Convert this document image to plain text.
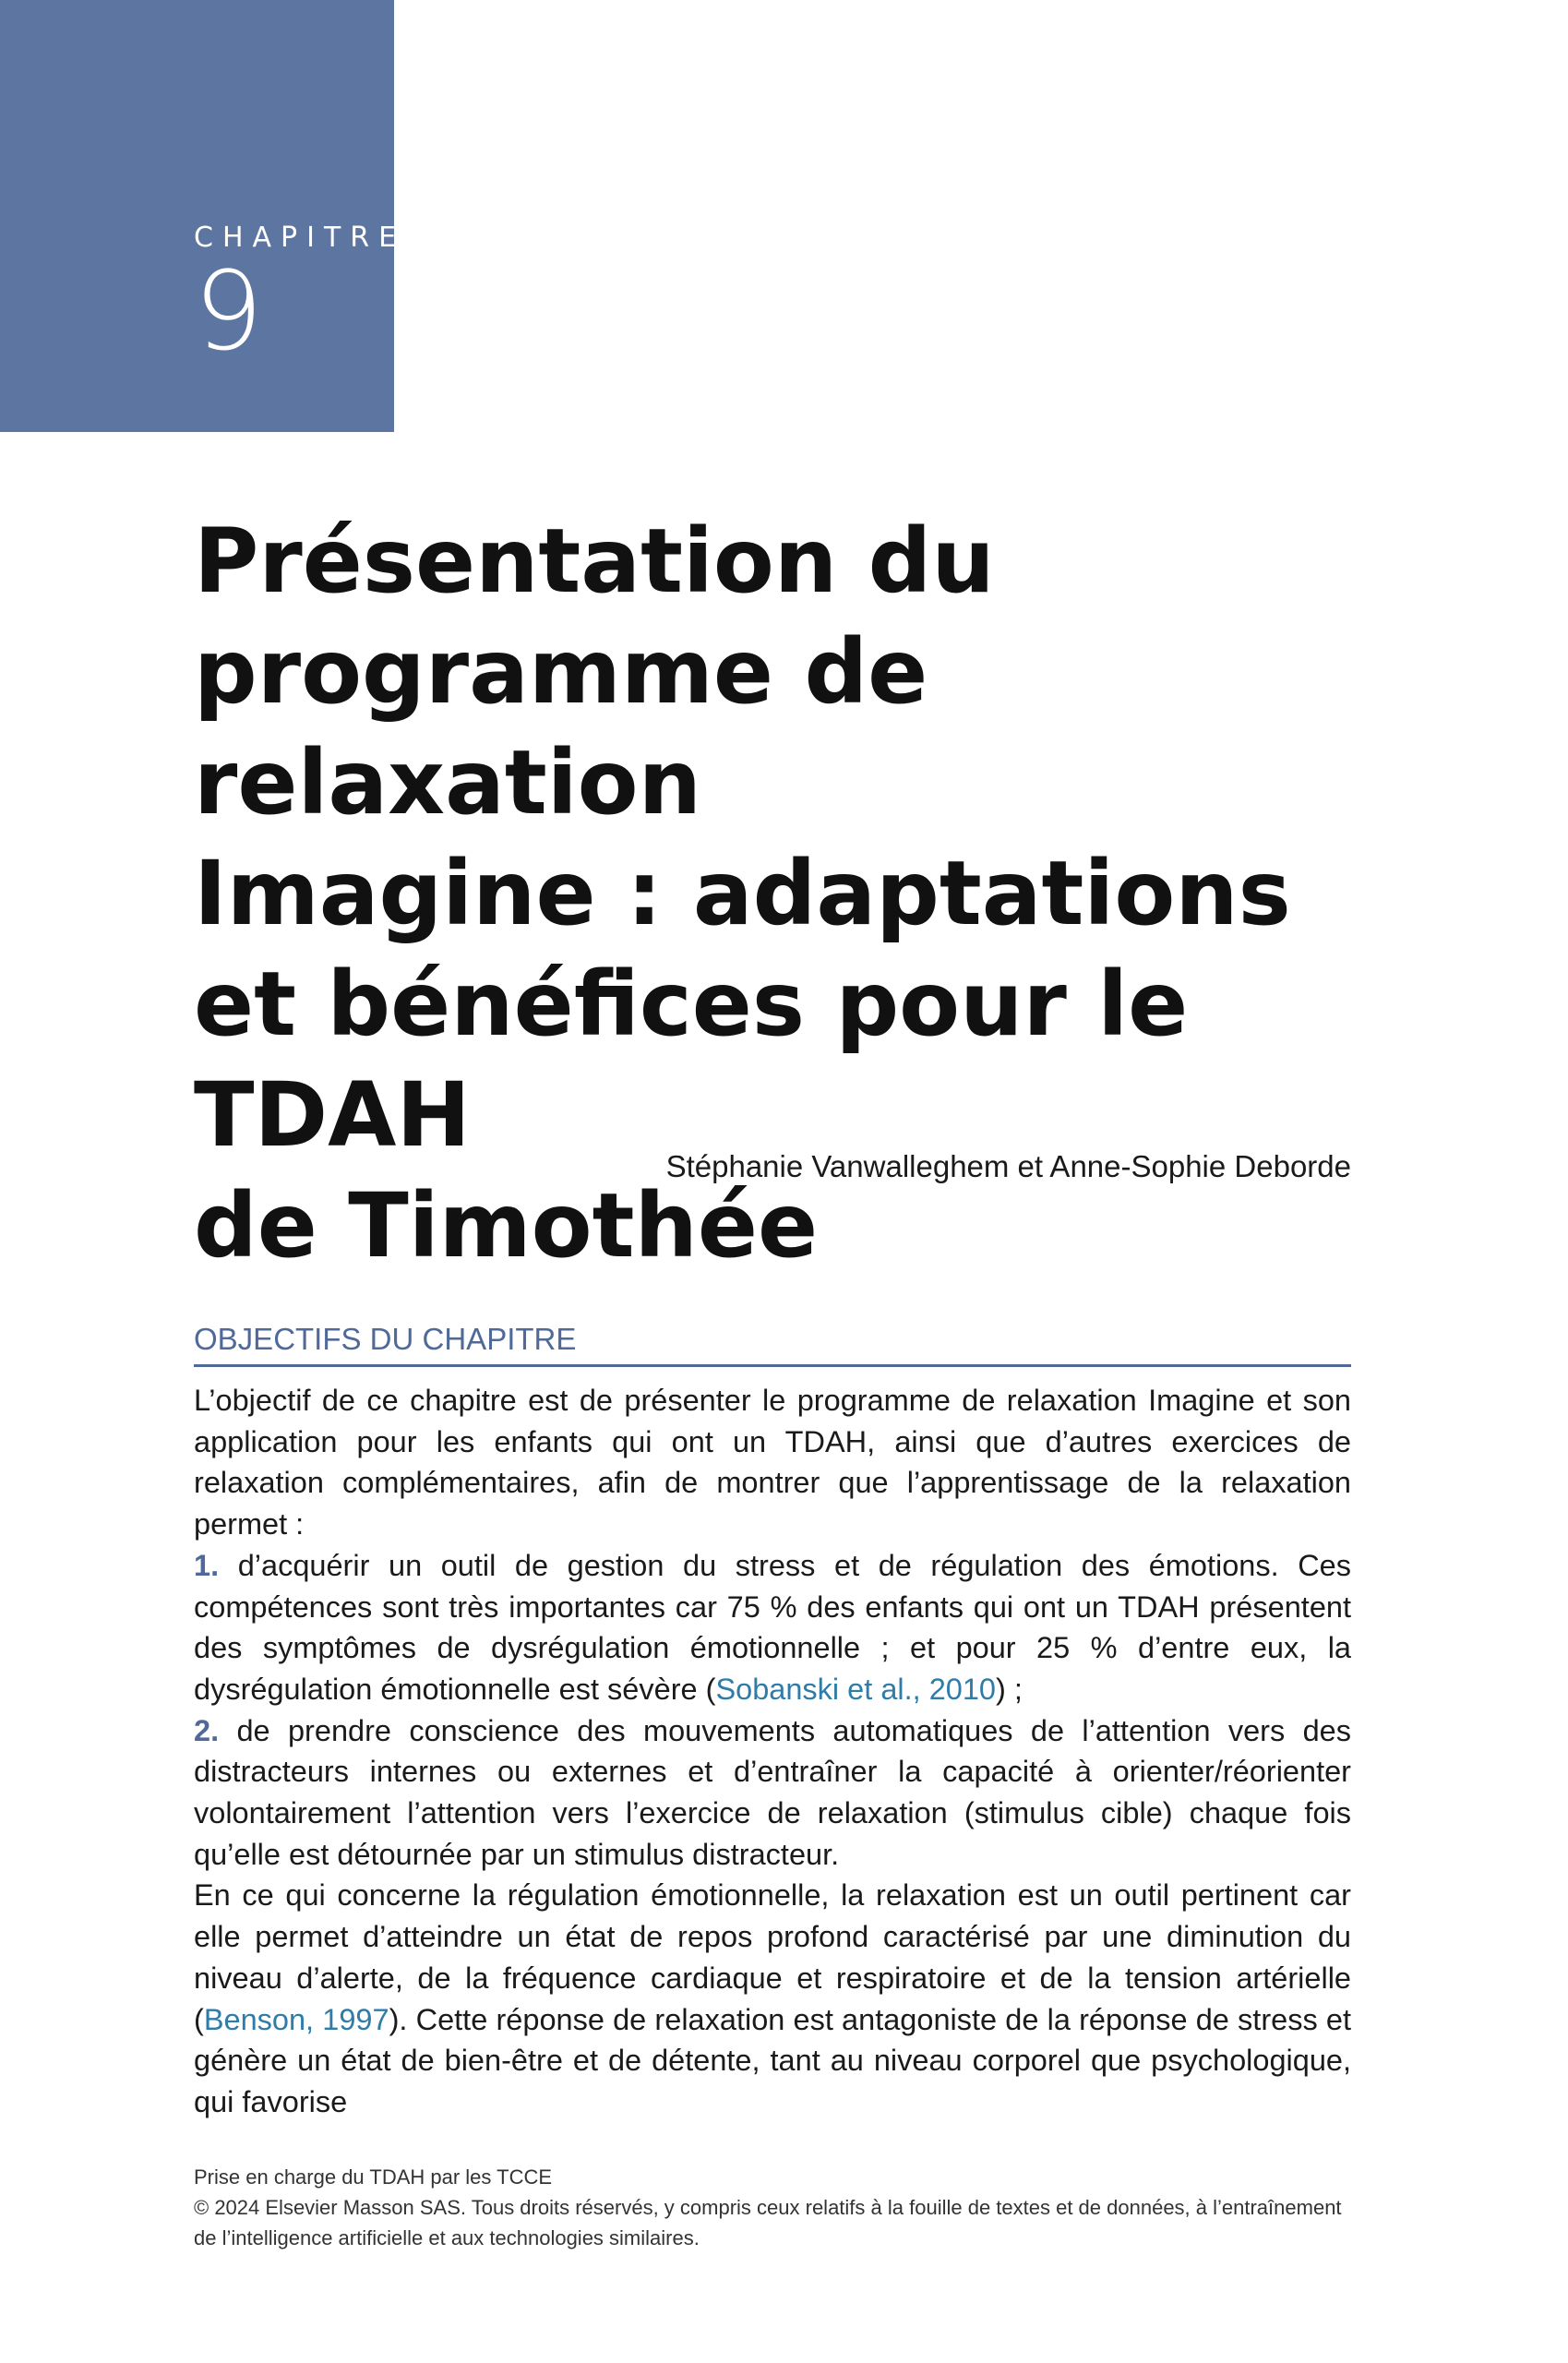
CHAPITRE
9
Présentation du
programme de relaxation
Imagine : adaptations
et bénéfices pour le TDAH
de Timothée
Stéphanie Vanwalleghem et Anne-Sophie Deborde
OBJECTIFS DU CHAPITRE

L’objectif de ce chapitre est de présenter le programme de relaxation Imagine et son application pour les enfants qui ont un TDAH, ainsi que d’autres exercices de relaxation complémentaires, afin de montrer que l’apprentissage de la relaxation permet :

1. d’acquérir un outil de gestion du stress et de régulation des émotions. Ces compétences sont très importantes car 75 % des enfants qui ont un TDAH présentent des symptômes de dysrégulation émotionnelle ; et pour 25 % d’entre eux, la dysrégulation émotionnelle est sévère (Sobanski et al., 2010) ;

2. de prendre conscience des mouvements automatiques de l’attention vers des distracteurs internes ou externes et d’entraîner la capacité à orienter/réorienter volontairement l’attention vers l’exercice de relaxation (stimulus cible) chaque fois qu’elle est détournée par un stimulus distracteur.

En ce qui concerne la régulation émotionnelle, la relaxation est un outil pertinent car elle permet d’atteindre un état de repos profond caractérisé par une diminution du niveau d’alerte, de la fréquence cardiaque et respiratoire et de la tension artérielle (Benson, 1997). Cette réponse de relaxation est antagoniste de la réponse de stress et génère un état de bien-être et de détente, tant au niveau corporel que psychologique, qui favorise

Prise en charge du TDAH par les TCCE
© 2024 Elsevier Masson SAS. Tous droits réservés, y compris ceux relatifs à la fouille de textes et de données, à l’entraînement de l’intelligence artificielle et aux technologies similaires.
